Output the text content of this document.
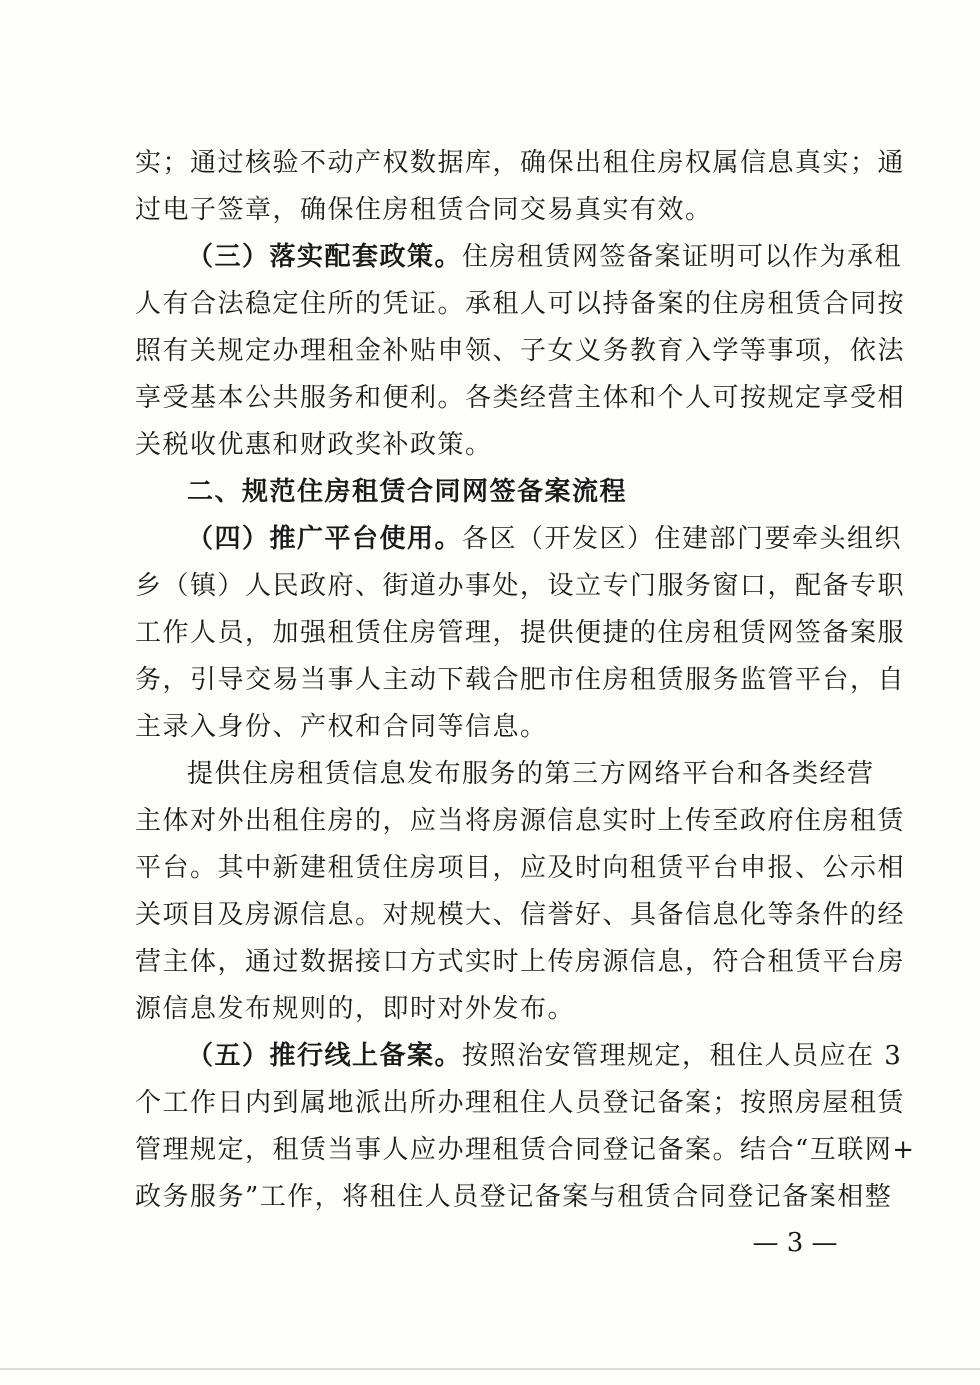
实；通过核验不动产权数据库，确保出租住房权属信息真实；通
过电子签章，确保住房租赁合同交易真实有效。
（三）落实配套政策。住房租赁网签备案证明可以作为承租
人有合法稳定住所的凭证。承租人可以持备案的住房租赁合同按
照有关规定办理租金补贴申领、子女义务教育入学等事项，依法
享受基本公共服务和便利。各类经营主体和个人可按规定享受相
关税收优惠和财政奖补政策。
二、规范住房租赁合同网签备案流程
（四）推广平台使用。各区（开发区）住建部门要牵头组织
乡（镇）人民政府、街道办事处，设立专门服务窗口，配备专职
工作人员，加强租赁住房管理，提供便捷的住房租赁网签备案服
务，引导交易当事人主动下载合肥市住房租赁服务监管平台，自
主录入身份、产权和合同等信息。
提供住房租赁信息发布服务的第三方网络平台和各类经营
主体对外出租住房的，应当将房源信息实时上传至政府住房租赁
平台。其中新建租赁住房项目，应及时向租赁平台申报、公示相
关项目及房源信息。对规模大、信誉好、具备信息化等条件的经
营主体，通过数据接口方式实时上传房源信息，符合租赁平台房
源信息发布规则的，即时对外发布。
（五）推行线上备案。按照治安管理规定，租住人员应在 3
个工作日内到属地派出所办理租住人员登记备案；按照房屋租赁
管理规定，租赁当事人应办理租赁合同登记备案。结合“互联网+
政务服务”工作，将租住人员登记备案与租赁合同登记备案相整
— 3 —
